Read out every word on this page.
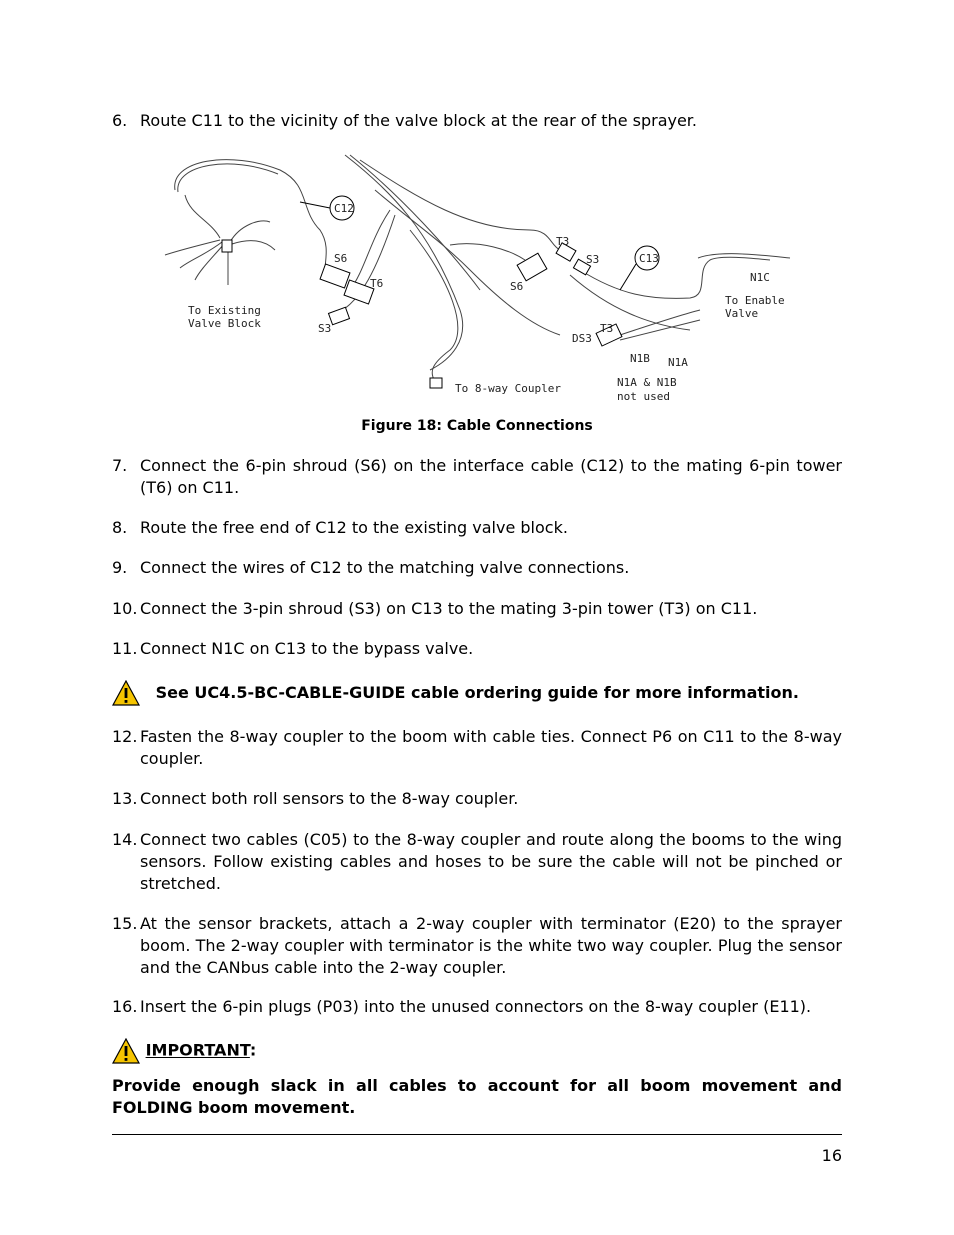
6. Route C11 to the vicinity of the valve block at the rear of the sprayer.
C12
C13
S6
T6
S3
To Existing
Valve Block
T3
S3
S6
T3
DS3
N1B N1A
N1C
To Enable
Valve
To 8-way Coupler	N1A & N1B
not used
Figure 18: Cable Connections
7. Connect the 6-pin shroud (S6) on the interface cable (C12) to the mating 6-pin tower (T6) on C11.
8. Route the free end of C12 to the existing valve block.
9. Connect the wires of C12 to the matching valve connections.
10. Connect the 3-pin shroud (S3) on C13 to the mating 3-pin tower (T3) on C11.
11. Connect N1C on C13 to the bypass valve.
See UC4.5-BC-CABLE-GUIDE cable ordering guide for more information.
12. Fasten the 8-way coupler to the boom with cable ties. Connect P6 on C11 to the 8-way coupler.
13. Connect both roll sensors to the 8-way coupler.
14. Connect two cables (C05) to the 8-way coupler and route along the booms to the wing sensors. Follow existing cables and hoses to be sure the cable will not be pinched or stretched.
15. At the sensor brackets, attach a 2-way coupler with terminator (E20) to the sprayer boom. The 2-way coupler with terminator is the white two way coupler. Plug the sensor and the CANbus cable into the 2-way coupler.
16. Insert the 6-pin plugs (P03) into the unused connectors on the 8-way coupler (E11).
IMPORTANT:
Provide enough slack in all cables to account for all boom movement and FOLDING boom movement.
16
